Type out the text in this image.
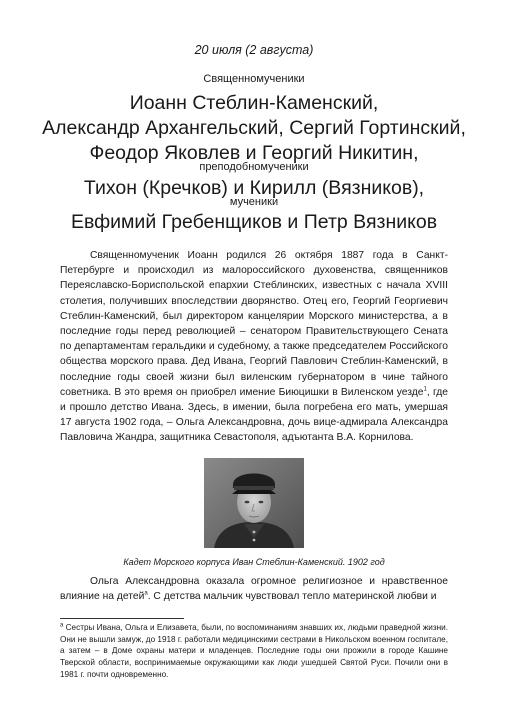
20 июля (2 августа)
Священномученики
Иоанн Стеблин-Каменский,
Александр Архангельский, Сергий Гортинский,
Феодор Яковлев и Георгий Никитин,
преподобномученики
Тихон (Кречков) и Кирилл (Вязников),
мученики
Евфимий Гребенщиков и Петр Вязников

Священномученик Иоанн родился 26 октября 1887 года в Санкт-Петербурге и происходил из малороссийского духовенства, священников Переяславско-Бориспольской епархии Стеблинских, известных с начала XVIII столетия, получивших впоследствии дворянство. Отец его, Георгий Георгиевич Стеблин-Каменский, был директором канцелярии Морского министерства, а в последние годы перед революцией – сенатором Правительствующего Сената по департаментам геральдики и судебному, а также председателем Российского общества морского права. Дед Ивана, Георгий Павлович Стеблин-Каменский, в последние годы своей жизни был виленским губернатором в чине тайного советника. В это время он приобрел имение Биюцишки в Виленском уезде$^1$, где и прошло детство Ивана. Здесь, в имении, была погребена его мать, умершая 17 августа 1902 года, – Ольга Александровна, дочь вице-адмирала Александра Павловича Жандра, защитника Севастополя, адъютанта В.А. Корнилова.

Кадет Морского корпуса Иван Стеблин-Каменский. 1902 год

Ольга Александровна оказала огромное религиозное и нравственное влияние на детей$^a$. С детства мальчик чувствовал тепло материнской любви и

$^a$ Сестры Ивана, Ольга и Елизавета, были, по воспоминаниям знавших их, людьми праведной жизни. Они не вышли замуж, до 1918 г. работали медицинскими сестрами в Никольском военном госпитале, а затем – в Доме охраны матери и младенцев. Последние годы они прожили в городе Кашине Тверской области, воспринимаемые окружающими как люди ушедшей Святой Руси. Почили они в 1981 г. почти одновременно.
